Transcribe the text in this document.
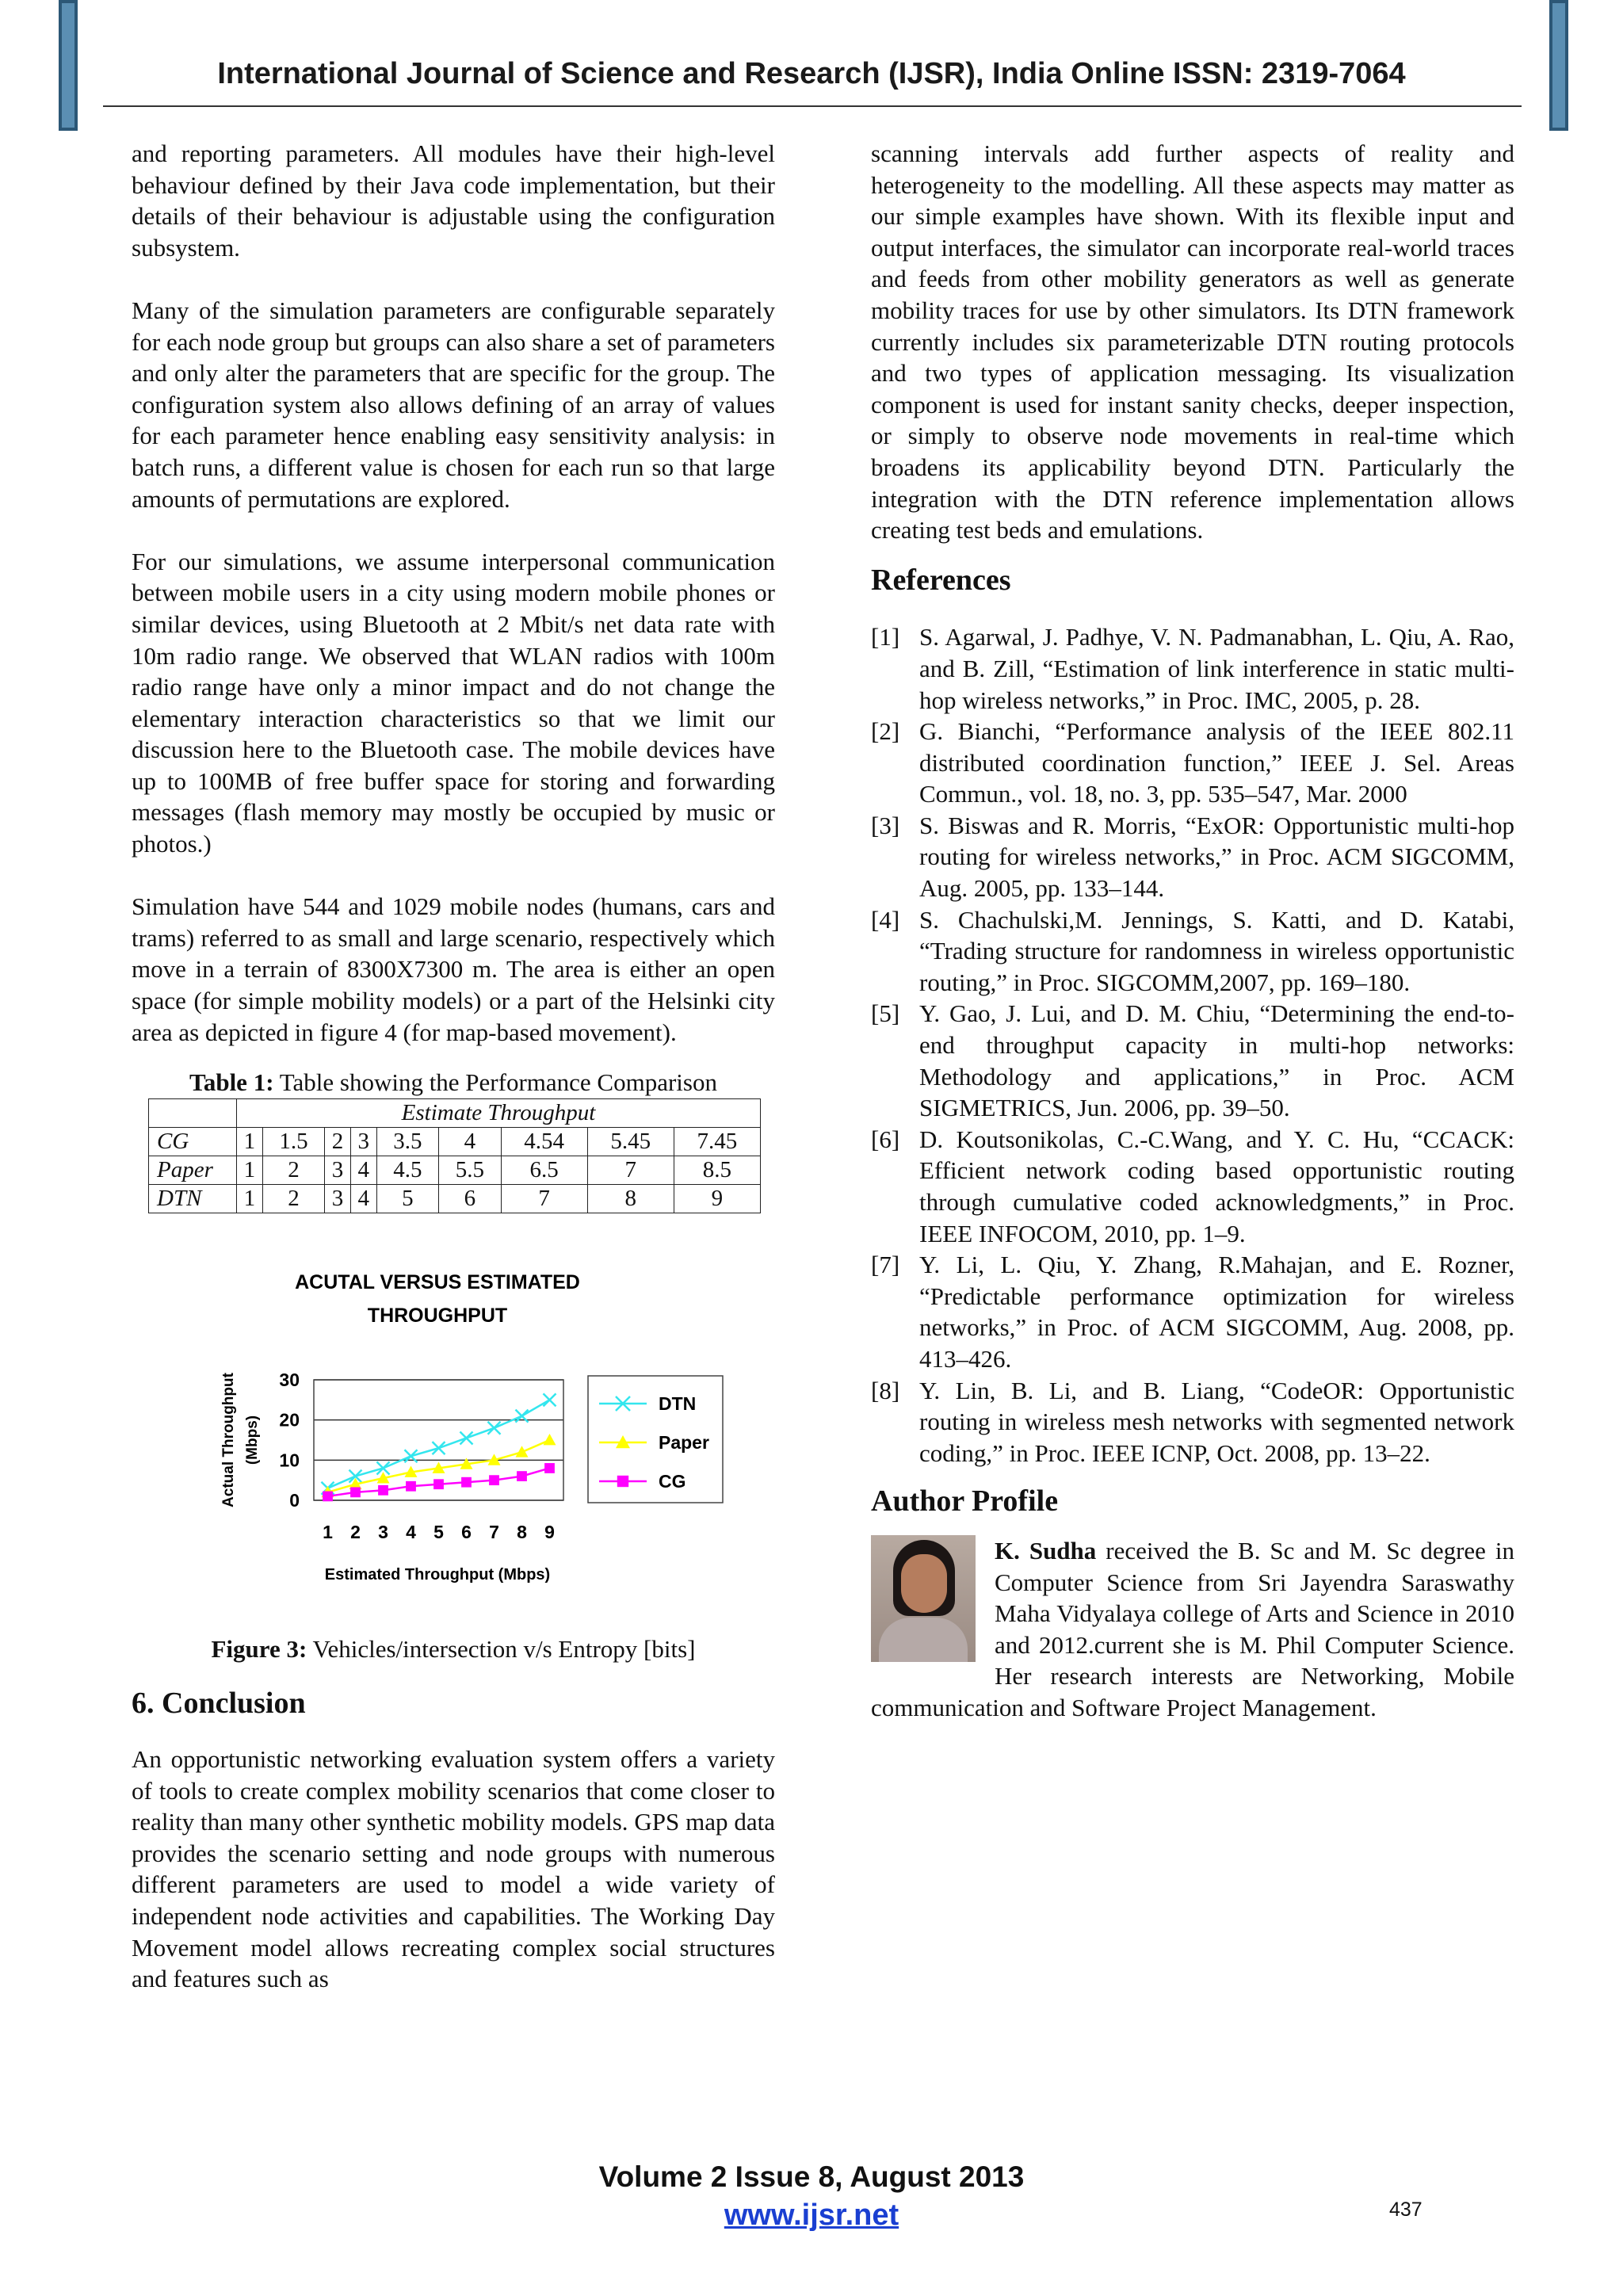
International Journal of Science and Research (IJSR), India Online ISSN: 2319-7064

and reporting parameters. All modules have their high-level behaviour defined by their Java code implementation, but their details of their behaviour is adjustable using the configuration subsystem.

Many of the simulation parameters are configurable separately for each node group but groups can also share a set of parameters and only alter the parameters that are specific for the group. The configuration system also allows defining of an array of values for each parameter hence enabling easy sensitivity analysis: in batch runs, a different value is chosen for each run so that large amounts of permutations are explored.

For our simulations, we assume interpersonal communication between mobile users in a city using modern mobile phones or similar devices, using Bluetooth at 2 Mbit/s net data rate with 10m radio range. We observed that WLAN radios with 100m radio range have only a minor impact and do not change the elementary interaction characteristics so that we limit our discussion here to the Bluetooth case. The mobile devices have up to 100MB of free buffer space for storing and forwarding messages (flash memory may mostly be occupied by music or photos.)

Simulation have 544 and 1029 mobile nodes (humans, cars and trams) referred to as small and large scenario, respectively which move in a terrain of 8300X7300 m. The area is either an open space (for simple mobility models) or a part of the Helsinki city area as depicted in figure 4 (for map-based movement).

Table 1: Table showing the Performance Comparison
	Estimate Throughput								
CG	1	1.5	2	3	3.5	4	4.54	5.45	7.45
Paper	1	2	3	4	4.5	5.5	6.5	7	8.5
DTN	1	2	3	4	5	6	7	8	9
ACUTAL VERSUS ESTIMATED
THROUGHPUT
0
10
20
30
1 2 3 4 5 6 7 8 9
Estimated Throughput (Mbps)
Actual Throughput (Mbps)
DTN
Paper
CG
Figure 3: Vehicles/intersection v/s Entropy [bits]
6. Conclusion

An opportunistic networking evaluation system offers a variety of tools to create complex mobility scenarios that come closer to reality than many other synthetic mobility models. GPS map data provides the scenario setting and node groups with numerous different parameters are used to model a wide variety of independent node activities and capabilities. The Working Day Movement model allows recreating complex social structures and features such as

scanning intervals add further aspects of reality and heterogeneity to the modelling. All these aspects may matter as our simple examples have shown. With its flexible input and output interfaces, the simulator can incorporate real-world traces and feeds from other mobility generators as well as generate mobility traces for use by other simulators. Its DTN framework currently includes six parameterizable DTN routing protocols and two types of application messaging. Its visualization component is used for instant sanity checks, deeper inspection, or simply to observe node movements in real-time which broadens its applicability beyond DTN. Particularly the integration with the DTN reference implementation allows creating test beds and emulations.

References
[1] S. Agarwal, J. Padhye, V. N. Padmanabhan, L. Qiu, A. Rao, and B. Zill, “Estimation of link interference in static multi-hop wireless networks,” in Proc. IMC, 2005, p. 28.
[2] G. Bianchi, “Performance analysis of the IEEE 802.11 distributed coordination function,” IEEE J. Sel. Areas Commun., vol. 18, no. 3, pp. 535–547, Mar. 2000
[3] S. Biswas and R. Morris, “ExOR: Opportunistic multi-hop routing for wireless networks,” in Proc. ACM SIGCOMM, Aug. 2005, pp. 133–144.
[4] S. Chachulski,M. Jennings, S. Katti, and D. Katabi, “Trading structure for randomness in wireless opportunistic routing,” in Proc. SIGCOMM,2007, pp. 169–180.
[5] Y. Gao, J. Lui, and D. M. Chiu, “Determining the end-to-end throughput capacity in multi-hop networks: Methodology and applications,” in Proc. ACM SIGMETRICS, Jun. 2006, pp. 39–50.
[6] D. Koutsonikolas, C.-C.Wang, and Y. C. Hu, “CCACK: Efficient network coding based opportunistic routing through cumulative coded acknowledgments,” in Proc. IEEE INFOCOM, 2010, pp. 1–9.
[7] Y. Li, L. Qiu, Y. Zhang, R.Mahajan, and E. Rozner, “Predictable performance optimization for wireless networks,” in Proc. of ACM SIGCOMM, Aug. 2008, pp. 413–426.
[8] Y. Lin, B. Li, and B. Liang, “CodeOR: Opportunistic routing in wireless mesh networks with segmented network coding,” in Proc. IEEE ICNP, Oct. 2008, pp. 13–22.
Author Profile
K. Sudha received the B. Sc and M. Sc degree in Computer Science from Sri Jayendra Saraswathy Maha Vidyalaya college of Arts and Science in 2010 and 2012.current she is M. Phil Computer Science. Her research interests are Networking, Mobile communication and Software Project Management.
Volume 2 Issue 8, August 2013
www.ijsr.net	437
